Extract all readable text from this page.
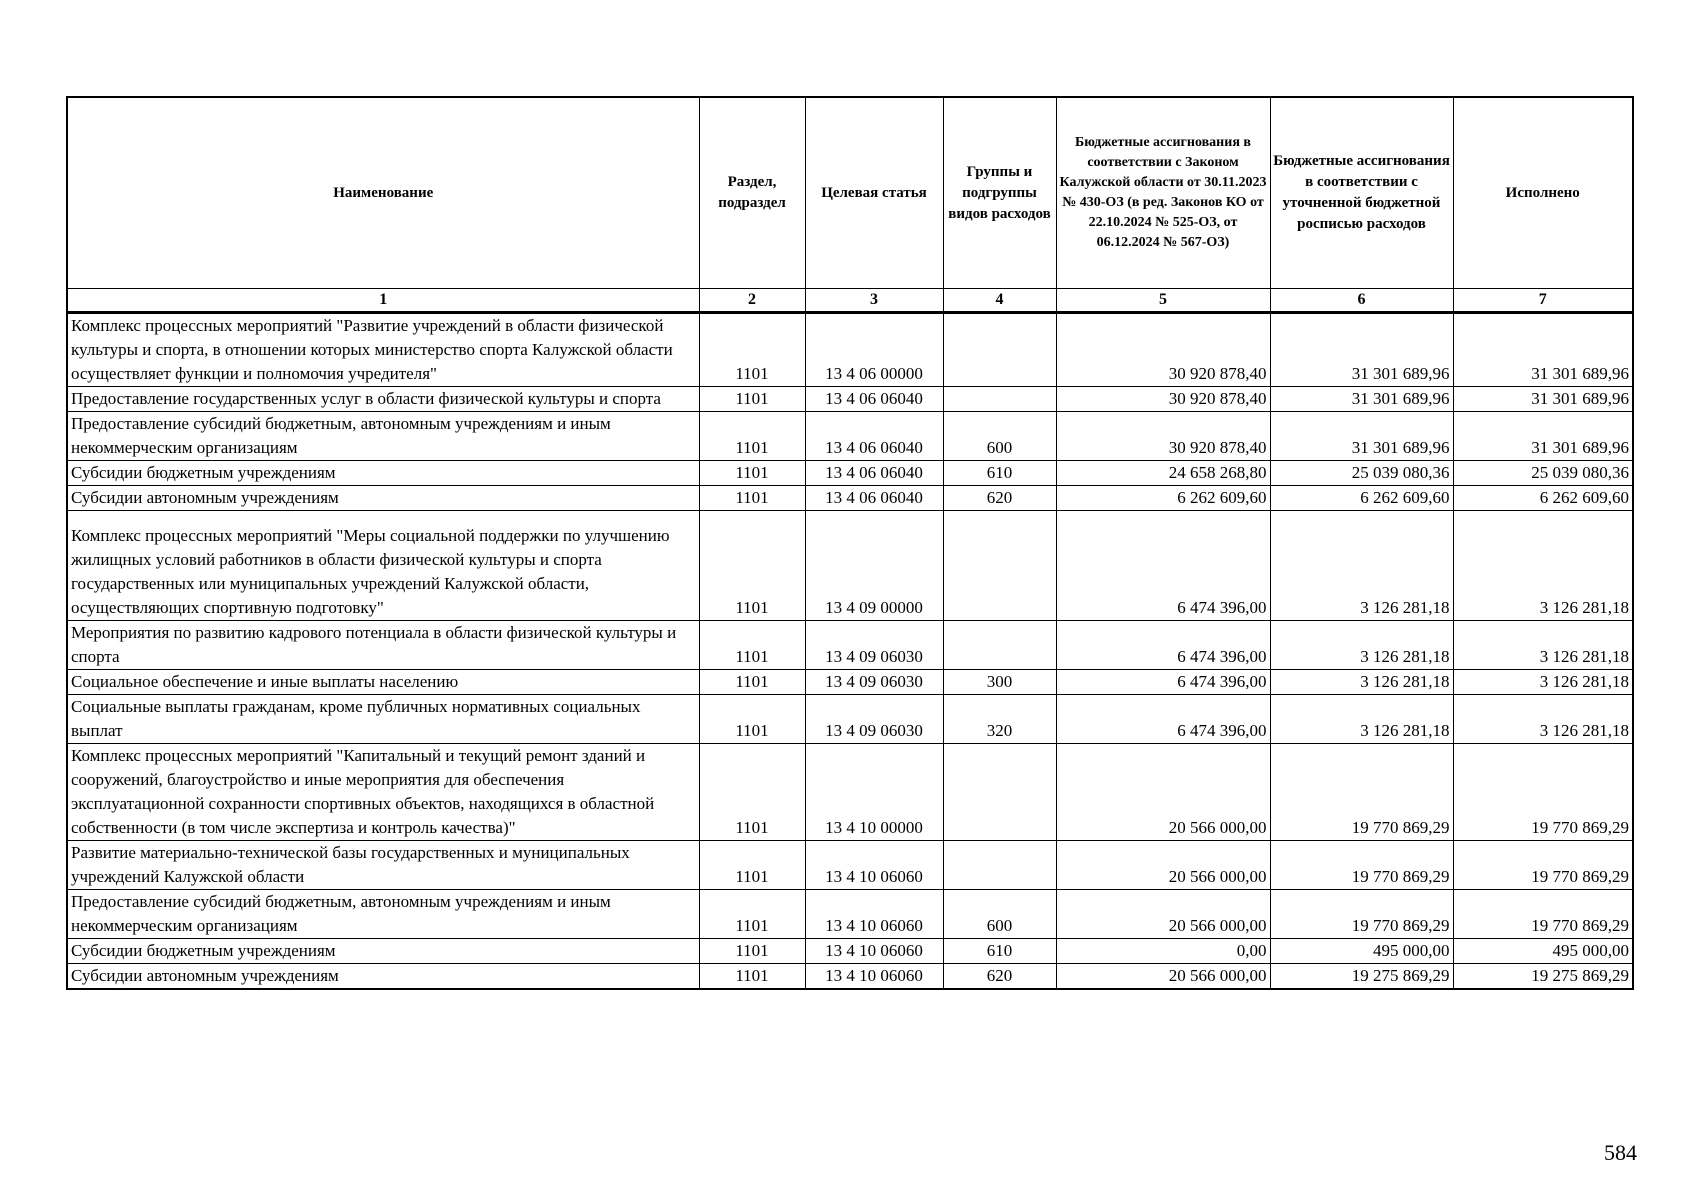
Наименование	Раздел, подраздел	Целевая статья	Группы и подгруппы видов расходов	Бюджетные ассигнования в соответствии с Законом Калужской области от 30.11.2023 № 430-ОЗ (в ред. Законов КО от 22.10.2024 № 525-ОЗ, от 06.12.2024 № 567-ОЗ)	Бюджетные ассигнования в соответствии с уточненной бюджетной росписью расходов	Исполнено
1	2	3	4	5	6	7
Комплекс процессных мероприятий "Развитие учреждений в области физической культуры и спорта, в отношении которых министерство спорта Калужской области осуществляет функции и полномочия учредителя"	1101	13 4 06 00000		30 920 878,40	31 301 689,96	31 301 689,96
Предоставление государственных услуг в области физической культуры и спорта	1101	13 4 06 06040		30 920 878,40	31 301 689,96	31 301 689,96
Предоставление субсидий бюджетным, автономным учреждениям и иным некоммерческим организациям	1101	13 4 06 06040	600	30 920 878,40	31 301 689,96	31 301 689,96
Субсидии бюджетным учреждениям	1101	13 4 06 06040	610	24 658 268,80	25 039 080,36	25 039 080,36
Субсидии автономным учреждениям	1101	13 4 06 06040	620	6 262 609,60	6 262 609,60	6 262 609,60
Комплекс процессных мероприятий "Меры социальной поддержки по улучшению жилищных условий работников в области физической культуры и спорта государственных или муниципальных учреждений Калужской области, осуществляющих спортивную подготовку"	1101	13 4 09 00000		6 474 396,00	3 126 281,18	3 126 281,18
Мероприятия по развитию кадрового потенциала в области физической культуры и спорта	1101	13 4 09 06030		6 474 396,00	3 126 281,18	3 126 281,18
Социальное обеспечение и иные выплаты населению	1101	13 4 09 06030	300	6 474 396,00	3 126 281,18	3 126 281,18
Социальные выплаты гражданам, кроме публичных нормативных социальных выплат	1101	13 4 09 06030	320	6 474 396,00	3 126 281,18	3 126 281,18
Комплекс процессных мероприятий "Капитальный и текущий ремонт зданий и сооружений, благоустройство и иные мероприятия для обеспечения эксплуатационной сохранности спортивных объектов, находящихся в областной собственности (в том числе экспертиза и контроль качества)"	1101	13 4 10 00000		20 566 000,00	19 770 869,29	19 770 869,29
Развитие материально-технической базы государственных и муниципальных учреждений Калужской области	1101	13 4 10 06060		20 566 000,00	19 770 869,29	19 770 869,29
Предоставление субсидий бюджетным, автономным учреждениям и иным некоммерческим организациям	1101	13 4 10 06060	600	20 566 000,00	19 770 869,29	19 770 869,29
Субсидии бюджетным учреждениям	1101	13 4 10 06060	610	0,00	495 000,00	495 000,00
Субсидии автономным учреждениям	1101	13 4 10 06060	620	20 566 000,00	19 275 869,29	19 275 869,29
584
